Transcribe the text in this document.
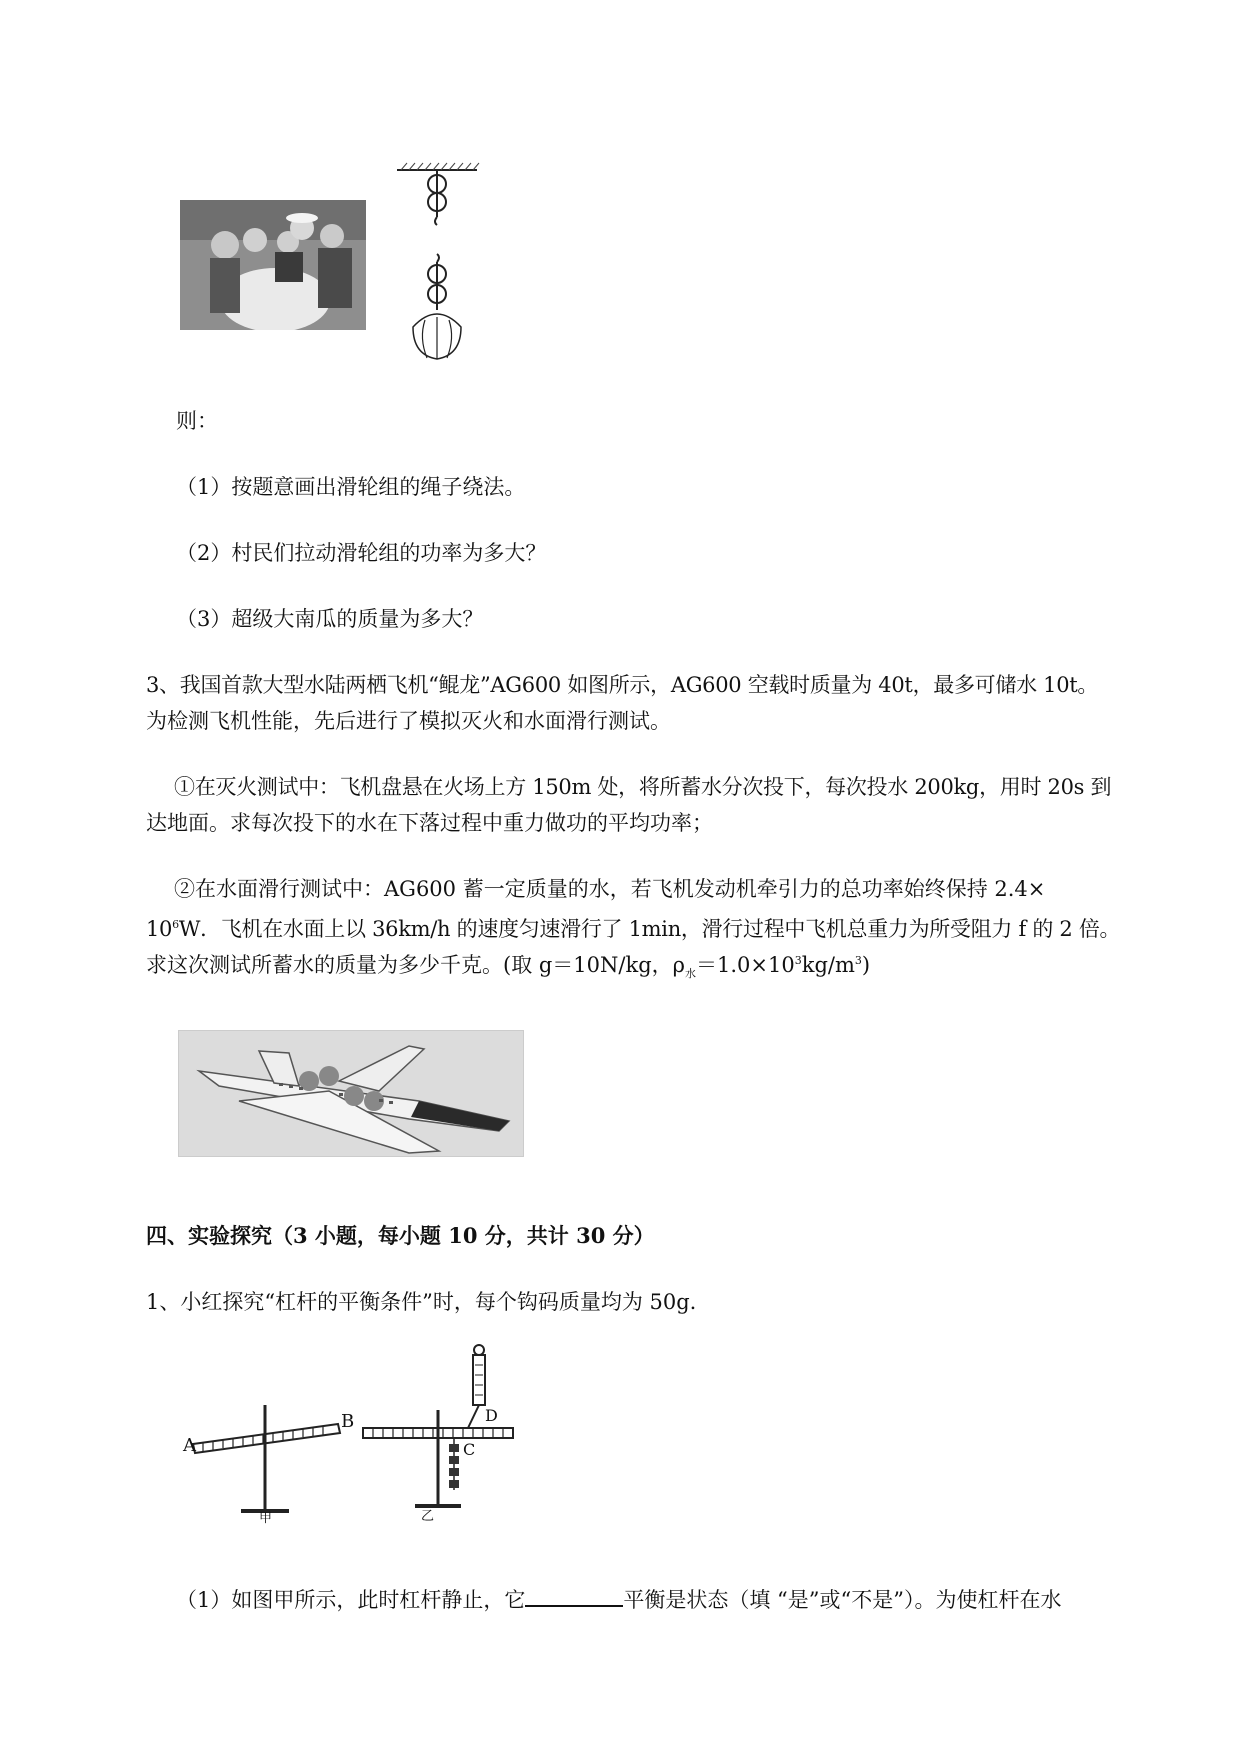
则：
（1）按题意画出滑轮组的绳子绕法。
（2）村民们拉动滑轮组的功率为多大？
（3）超级大南瓜的质量为多大？
3、我国首款大型水陆两栖飞机“鲲龙”AG600 如图所示，AG600 空载时质量为 40t，最多可储水 10t。
为检测飞机性能，先后进行了模拟灭火和水面滑行测试。
①在灭火测试中：飞机盘悬在火场上方 150m 处，将所蓄水分次投下，每次投水 200kg，用时 20s 到
达地面。求每次投下的水在下落过程中重力做功的平均功率；
②在水面滑行测试中：AG600 蓄一定质量的水，若飞机发动机牵引力的总功率始终保持 2.4×
$10^6W$．飞机在水面上以 36km/h 的速度匀速滑行了 1min，滑行过程中飞机总重力为所受阻力 f 的 2 倍。
求这次测试所蓄水的质量为多少千克。(取 g＝10N/kg，$\rho_水=1.0\times 10^3kg/m^3$)
四、实验探究（3 小题，每小题 10 分，共计 30 分）
1、小红探究“杠杆的平衡条件”时，每个钩码质量均为 50g.
A
B	D
C
甲	乙
（1）如图甲所示，此时杠杆静止，它	平衡是状态（填 “是”或“不是”）。为使杠杆在水
